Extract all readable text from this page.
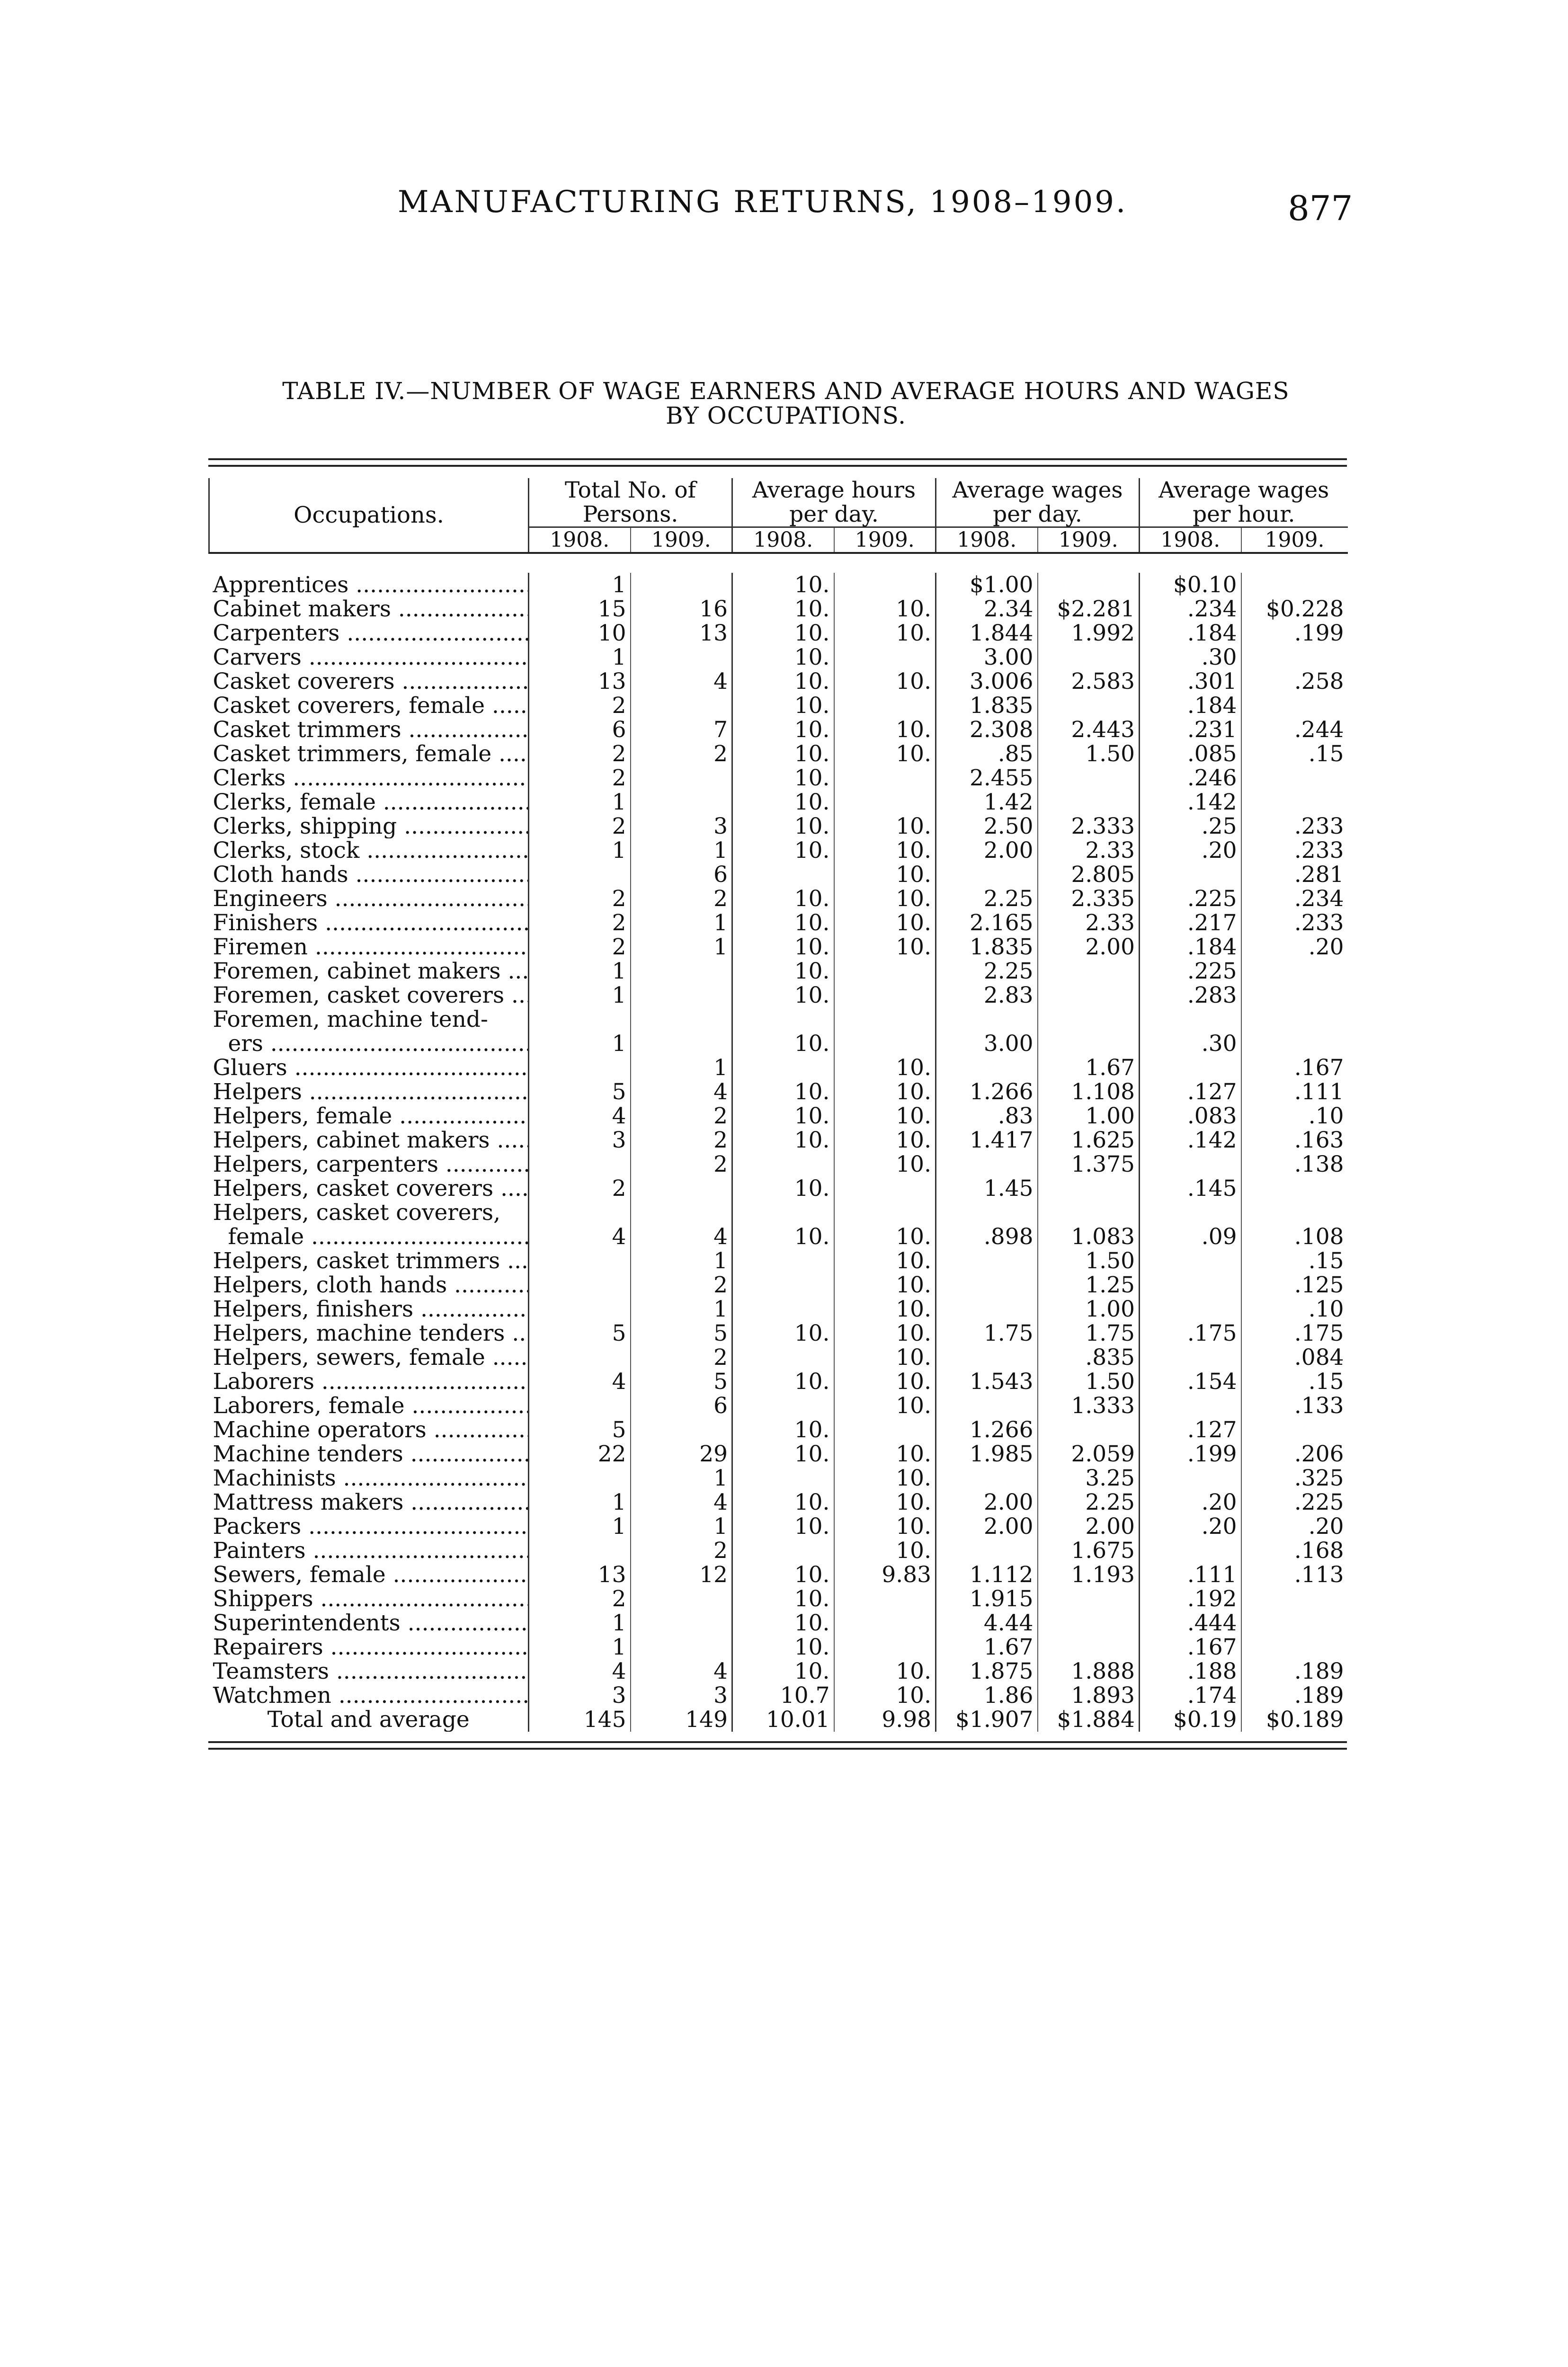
MANUFACTURING RETURNS, 1908–1909.	877
TABLE IV.—NUMBER OF WAGE EARNERS AND AVERAGE HOURS AND WAGES
BY OCCUPATIONS.
Occupations.	Total No. of Persons.		Average hours per day.		Average wages per day.		Average wages per hour.	
	1908.	1909.	1908.	1909.	1908.	1909.	1908.	1909.

Apprentices .....	1		10.		$1.00		$0.10	
Cabinet makers .....	15	16	10.	10.	2.34	$2.281	.234	$0.228
Carpenters .....	10	13	10.	10.	1.844	1.992	.184	.199
Carvers .....	1		10.		3.00		.30	
Casket coverers .....	13	4	10.	10.	3.006	2.583	.301	.258
Casket coverers, female .....	2		10.		1.835		.184	
Casket trimmers .....	6	7	10.	10.	2.308	2.443	.231	.244
Casket trimmers, female .....	2	2	10.	10.	.85	1.50	.085	.15
Clerks .....	2		10.		2.455		.246	
Clerks, female .....	1		10.		1.42		.142	
Clerks, shipping .....	2	3	10.	10.	2.50	2.333	.25	.233
Clerks, stock .....	1	1	10.	10.	2.00	2.33	.20	.233
Cloth hands .....		6		10.		2.805		.281
Engineers .....	2	2	10.	10.	2.25	2.335	.225	.234
Finishers .....	2	1	10.	10.	2.165	2.33	.217	.233
Firemen .....	2	1	10.	10.	1.835	2.00	.184	.20
Foremen, cabinet makers .....	1		10.		2.25		.225	
Foremen, casket coverers .....	1		10.		2.83		.283	
Foremen, machine tend-								
ers .....	1		10.		3.00		.30	
Gluers .....		1		10.		1.67		.167
Helpers .....	5	4	10.	10.	1.266	1.108	.127	.111
Helpers, female .....	4	2	10.	10.	.83	1.00	.083	.10
Helpers, cabinet makers .....	3	2	10.	10.	1.417	1.625	.142	.163
Helpers, carpenters .....		2		10.		1.375		.138
Helpers, casket coverers .....	2		10.		1.45		.145	
Helpers, casket coverers,								
female .....	4	4	10.	10.	.898	1.083	.09	.108
Helpers, casket trimmers .....		1		10.		1.50		.15
Helpers, cloth hands .....		2		10.		1.25		.125
Helpers, finishers .....		1		10.		1.00		.10
Helpers, machine tenders .....	5	5	10.	10.	1.75	1.75	.175	.175
Helpers, sewers, female .....		2		10.		.835		.084
Laborers .....	4	5	10.	10.	1.543	1.50	.154	.15
Laborers, female .....		6		10.		1.333		.133
Machine operators .....	5		10.		1.266		.127	
Machine tenders .....	22	29	10.	10.	1.985	2.059	.199	.206
Machinists .....		1		10.		3.25		.325
Mattress makers .....	1	4	10.	10.	2.00	2.25	.20	.225
Packers .....	1	1	10.	10.	2.00	2.00	.20	.20
Painters .....		2		10.		1.675		.168
Sewers, female .....	13	12	10.	9.83	1.112	1.193	.111	.113
Shippers .....	2		10.		1.915		.192	
Superintendents .....	1		10.		4.44		.444	
Repairers .....	1		10.		1.67		.167	
Teamsters .....	4	4	10.	10.	1.875	1.888	.188	.189
Watchmen .....	3	3	10.7	10.	1.86	1.893	.174	.189
Total and average	145	149	10.01	9.98	$1.907	$1.884	$0.19	$0.189
